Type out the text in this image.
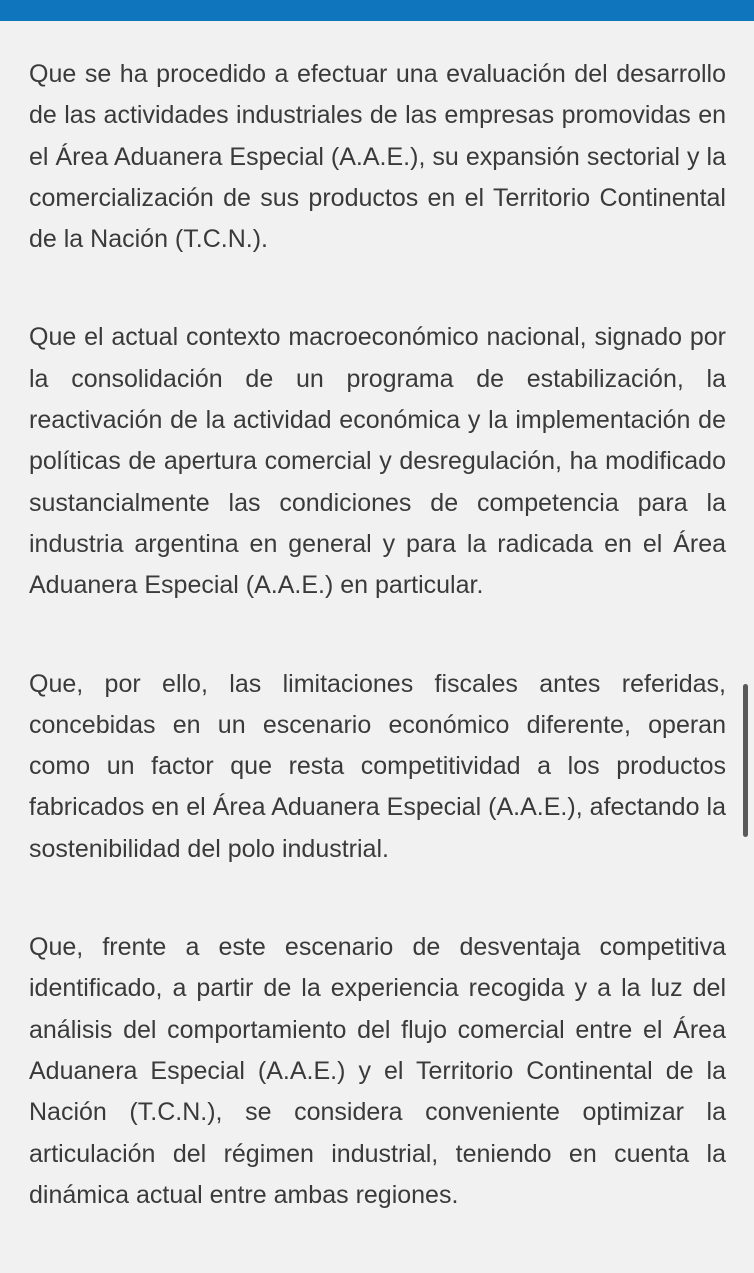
Que se ha procedido a efectuar una evaluación del desarrollo de las actividades industriales de las empresas promovidas en el Área Aduanera Especial (A.A.E.), su expansión sectorial y la comercialización de sus productos en el Territorio Continental de la Nación (T.C.N.).

Que el actual contexto macroeconómico nacional, signado por la consolidación de un programa de estabilización, la reactivación de la actividad económica y la implementación de políticas de apertura comercial y desregulación, ha modificado sustancialmente las condiciones de competencia para la industria argentina en general y para la radicada en el Área Aduanera Especial (A.A.E.) en particular.

Que, por ello, las limitaciones fiscales antes referidas, concebidas en un escenario económico diferente, operan como un factor que resta competitividad a los productos fabricados en el Área Aduanera Especial (A.A.E.), afectando la sostenibilidad del polo industrial.

Que, frente a este escenario de desventaja competitiva identificado, a partir de la experiencia recogida y a la luz del análisis del comportamiento del flujo comercial entre el Área Aduanera Especial (A.A.E.) y el Territorio Continental de la Nación (T.C.N.), se considera conveniente optimizar la articulación del régimen industrial, teniendo en cuenta la dinámica actual entre ambas regiones.
